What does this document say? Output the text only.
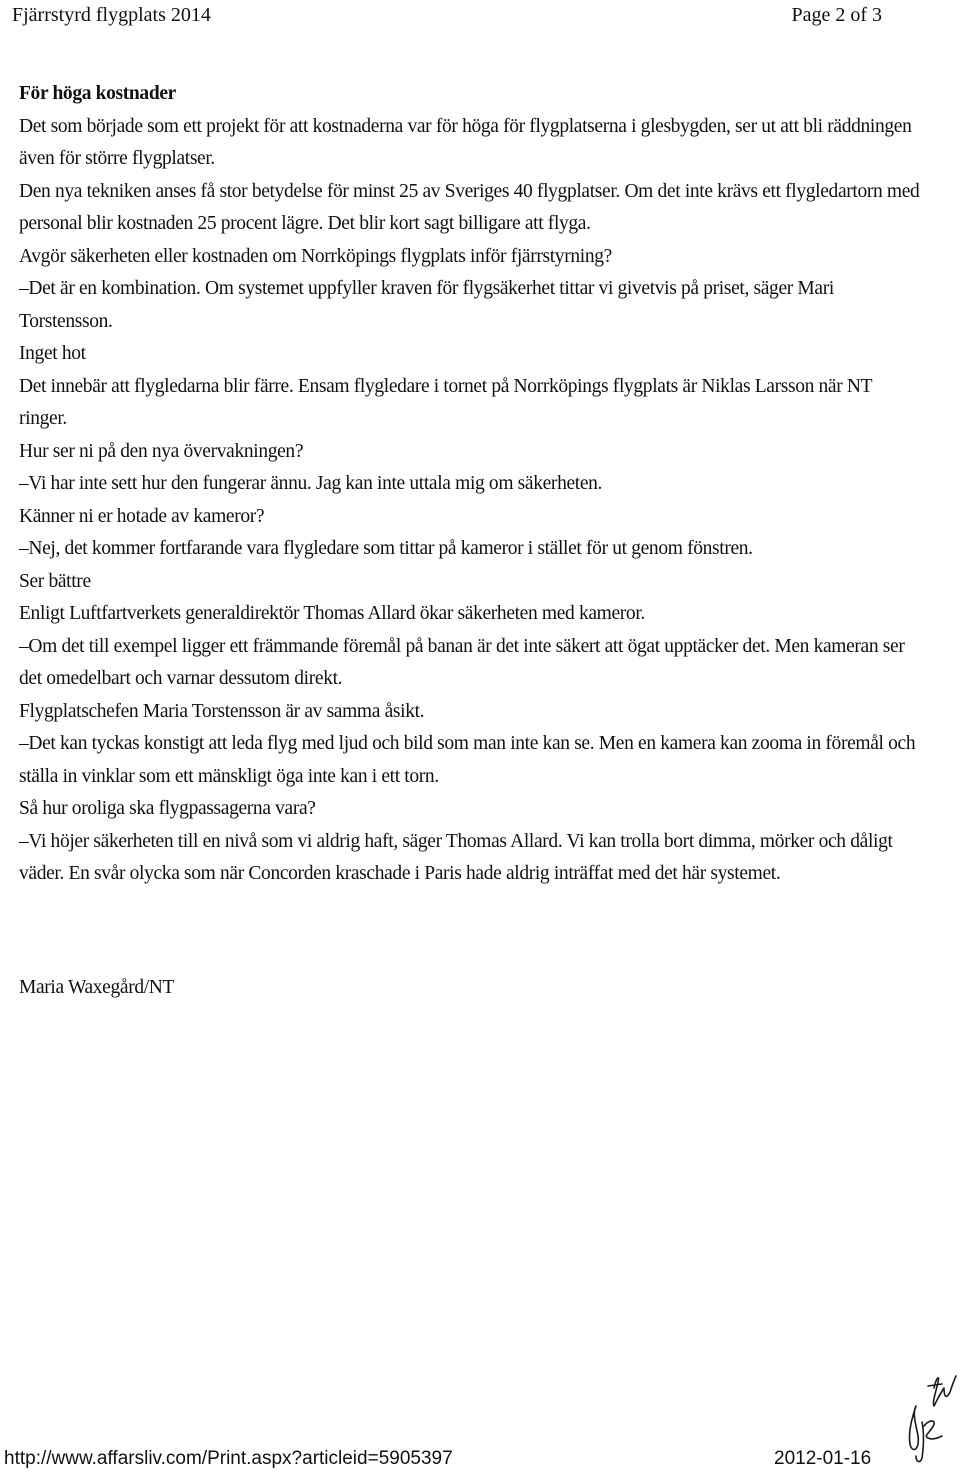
Fjärrstyrd flygplats 2014	Page 2 of 3

För höga kostnader

Det som började som ett projekt för att kostnaderna var för höga för flygplatserna i glesbygden, ser ut att bli räddningen även för större flygplatser.

Den nya tekniken anses få stor betydelse för minst 25 av Sveriges 40 flygplatser. Om det inte krävs ett flygledartorn med personal blir kostnaden 25 procent lägre. Det blir kort sagt billigare att flyga.

Avgör säkerheten eller kostnaden om Norrköpings flygplats inför fjärrstyrning?

–Det är en kombination. Om systemet uppfyller kraven för flygsäkerhet tittar vi givetvis på priset, säger Mari Torstensson.

Inget hot

Det innebär att flygledarna blir färre. Ensam flygledare i tornet på Norrköpings flygplats är Niklas Larsson när NT ringer.

Hur ser ni på den nya övervakningen?

–Vi har inte sett hur den fungerar ännu. Jag kan inte uttala mig om säkerheten.

Känner ni er hotade av kameror?

–Nej, det kommer fortfarande vara flygledare som tittar på kameror i stället för ut genom fönstren.

Ser bättre

Enligt Luftfartverkets generaldirektör Thomas Allard ökar säkerheten med kameror.

–Om det till exempel ligger ett främmande föremål på banan är det inte säkert att ögat upptäcker det. Men kameran ser det omedelbart och varnar dessutom direkt.

Flygplatschefen Maria Torstensson är av samma åsikt.

–Det kan tyckas konstigt att leda flyg med ljud och bild som man inte kan se. Men en kamera kan zooma in föremål och ställa in vinklar som ett mänskligt öga inte kan i ett torn.

Så hur oroliga ska flygpassagerna vara?

–Vi höjer säkerheten till en nivå som vi aldrig haft, säger Thomas Allard. Vi kan trolla bort dimma, mörker och dåligt väder. En svår olycka som när Concorden kraschade i Paris hade aldrig inträffat med det här systemet.

Maria Waxegård/NT

http://www.affarsliv.com/Print.aspx?articleid=5905397	2012-01-16
